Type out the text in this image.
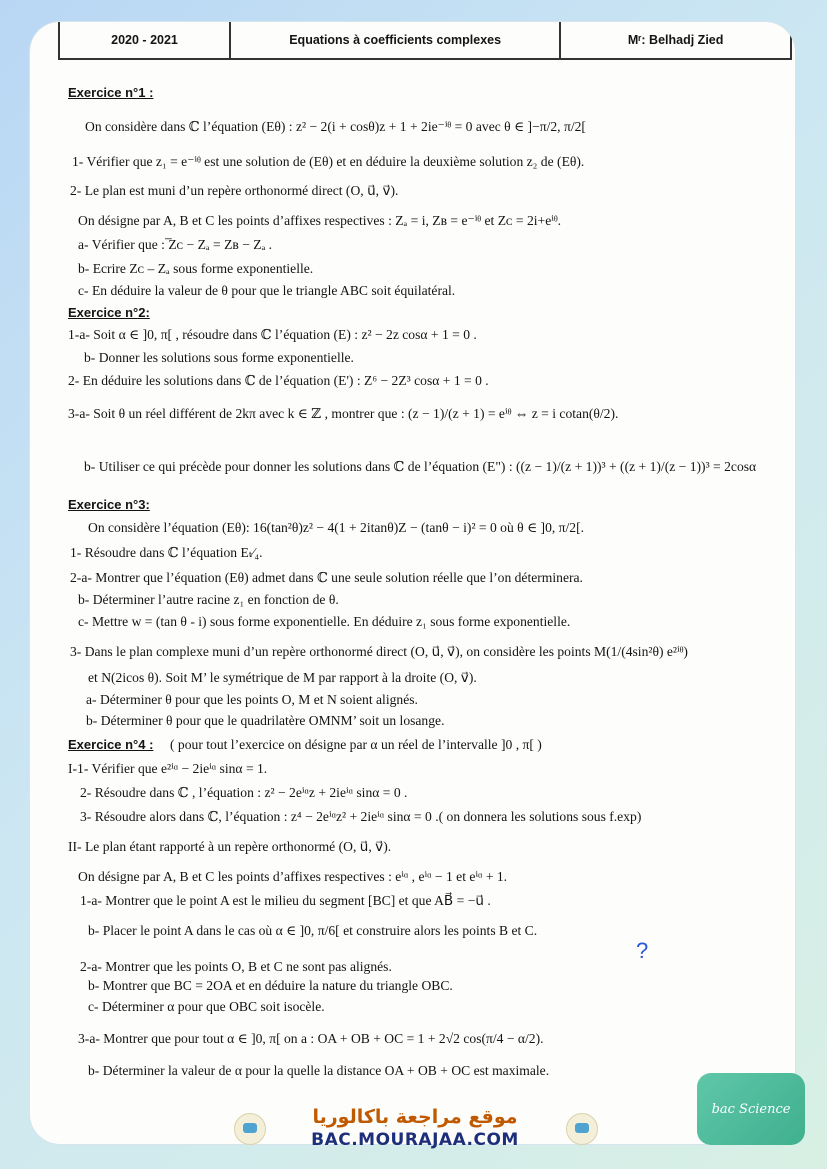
2020 - 2021	Equations à coefficients complexes	Mʳ: Belhadj Zied
Exercice n°1 :
On considère dans ℂ l’équation (Eθ) : z² − 2(i + cosθ)z + 1 + 2ie⁻ⁱᶿ = 0 avec θ ∈ ]−π/2, π/2[
1- Vérifier que z₁ = e⁻ⁱᶿ est une solution de (Eθ) et en déduire la deuxième solution z₂ de (Eθ).
2- Le plan est muni d’un repère orthonormé direct (O, u⃗, v⃗).
On désigne par A, B et C les points d’affixes respectives : Zₐ = i, Zʙ = e⁻ⁱᶿ et Zᴄ = 2i+eⁱᶿ.
a- Vérifier que : ̅Zᴄ − Zₐ = Zʙ − Zₐ .
b- Ecrire Zᴄ – Zₐ sous forme exponentielle.
c- En déduire la valeur de θ pour que le triangle ABC soit équilatéral.
Exercice n°2:
1-a- Soit α ∈ ]0, π[ , résoudre dans ℂ l’équation (E) : z² − 2z cosα + 1 = 0 .
b- Donner les solutions sous forme exponentielle.
2- En déduire les solutions dans ℂ de l’équation (E') : Z⁶ − 2Z³ cosα + 1 = 0 .
3-a- Soit θ un réel différent de 2kπ avec k ∈ ℤ , montrer que : (z − 1)/(z + 1) = eⁱᶿ ⇔ z = i cotan(θ/2).
b- Utiliser ce qui précède pour donner les solutions dans ℂ de l’équation (E") : ((z − 1)/(z + 1))³ + ((z + 1)/(z − 1))³ = 2cosα
Exercice n°3:
On considère l’équation (Eθ): 16(tan²θ)z² − 4(1 + 2itanθ)Z − (tanθ − i)² = 0 où θ ∈ ]0, π/2[.
1- Résoudre dans ℂ l’équation Eₜ⁄₄.
2-a- Montrer que l’équation (Eθ) admet dans ℂ une seule solution réelle que l’on déterminera.
b- Déterminer l’autre racine z₁ en fonction de θ.
c- Mettre w = (tan θ - i) sous forme exponentielle. En déduire z₁ sous forme exponentielle.
3- Dans le plan complexe muni d’un repère orthonormé direct (O, u⃗, v⃗), on considère les points M(1/(4sin²θ) e²ⁱᶿ)
et N(2icos θ). Soit M’ le symétrique de M par rapport à la droite (O, v⃗).
a- Déterminer θ pour que les points O, M et N soient alignés.
b- Déterminer θ pour que le quadrilatère OMNM’ soit un losange.
Exercice n°4 : ( pour tout l’exercice on désigne par α un réel de l’intervalle ]0 , π[ )
I-1- Vérifier que e²ⁱᵅ − 2ieⁱᵅ sinα = 1.
2- Résoudre dans ℂ , l’équation : z² − 2eⁱᵅz + 2ieⁱᵅ sinα = 0 .
3- Résoudre alors dans ℂ, l’équation : z⁴ − 2eⁱᵅz² + 2ieⁱᵅ sinα = 0 .( on donnera les solutions sous f.exp)
II- Le plan étant rapporté à un repère orthonormé (O, u⃗, v⃗).
On désigne par A, B et C les points d’affixes respectives : eⁱᵅ , eⁱᵅ − 1 et eⁱᵅ + 1.
1-a- Montrer que le point A est le milieu du segment [BC] et que AB⃗ = −u⃗ .
b- Placer le point A dans le cas où α ∈ ]0, π/6[ et construire alors les points B et C.
2-a- Montrer que les points O, B et C ne sont pas alignés.
b- Montrer que BC = 2OA et en déduire la nature du triangle OBC.
c- Déterminer α pour que OBC soit isocèle.
3-a- Montrer que pour tout α ∈ ]0, π[ on a : OA + OB + OC = 1 + 2√2 cos(π/4 − α/2).
b- Déterminer la valeur de α pour la quelle la distance OA + OB + OC est maximale.
?
موقع مراجعة باكالوريا
BAC.MOURAJAA.COM
bac Science
